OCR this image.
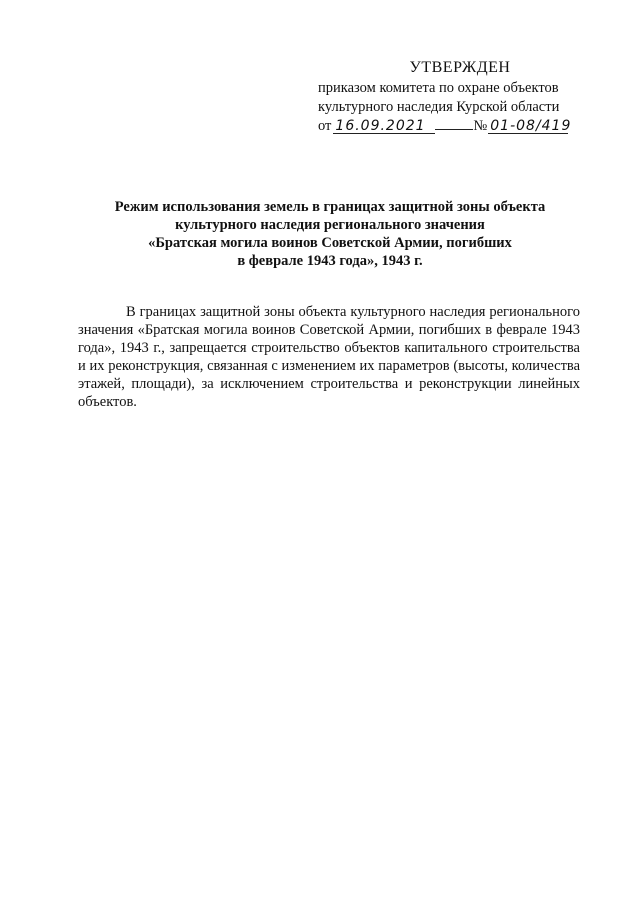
УТВЕРЖДЕН
приказом комитета по охране объектов
культурного наследия Курской области
от 16.09.2021	№ 01-08/419
Режим использования земель в границах защитной зоны объекта
культурного наследия регионального значения
«Братская могила воинов Советской Армии, погибших
в феврале 1943 года», 1943 г.
В границах защитной зоны объекта культурного наследия регионального значения «Братская могила воинов Советской Армии, погибших в феврале 1943 года», 1943 г., запрещается строительство объектов капитального строительства и их реконструкция, связанная с изменением их параметров (высоты, количества этажей, площади), за исключением строительства и реконструкции линейных объектов.
